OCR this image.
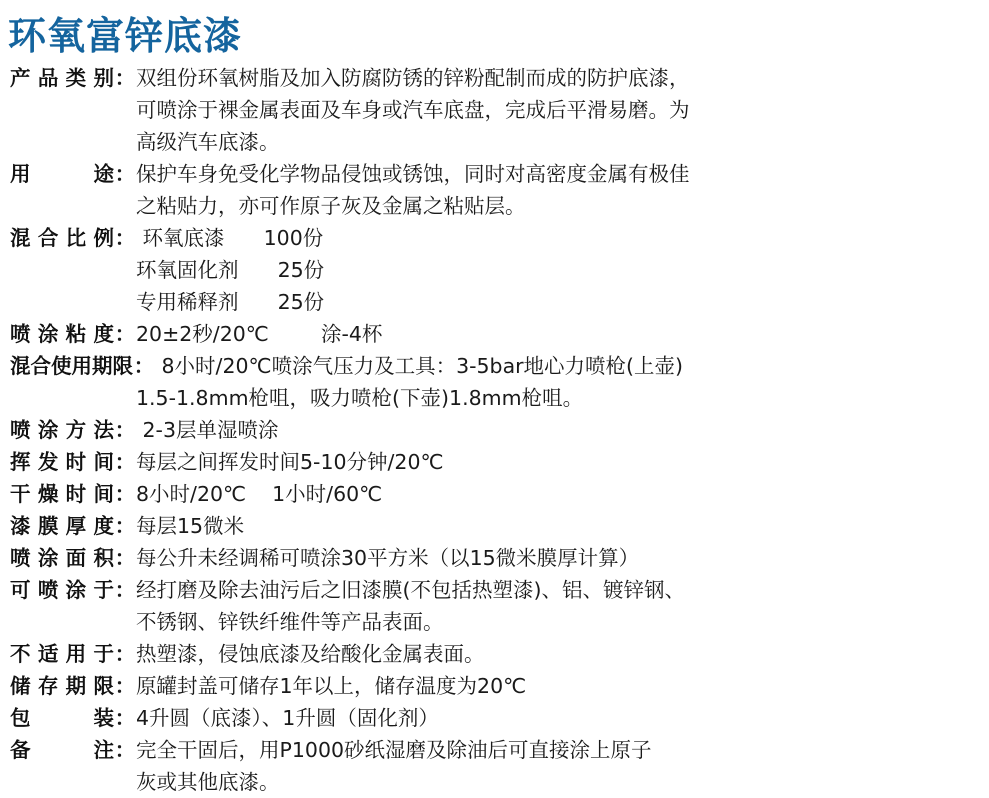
环氧富锌底漆
产品类别 ： 双组份环氧树脂及加入防腐防锈的锌粉配制而成的防护底漆，
可喷涂于裸金属表面及车身或汽车底盘，完成后平滑易磨。为
高级汽车底漆。
用途 ： 保护车身免受化学物品侵蚀或锈蚀，同时对高密度金属有极佳
之粘贴力，亦可作原子灰及金属之粘贴层。
混合比例 ： 环氧底漆      100份
环氧固化剂      25份
专用稀释剂      25份
喷涂粘度 ： 20±2秒/20℃        涂-4杯
混合使用期限 ： 8小时/20℃喷涂气压力及工具：3-5bar地心力喷枪(上壶)
1.5-1.8mm枪咀，吸力喷枪(下壶)1.8mm枪咀。
喷涂方法 ： 2-3层单湿喷涂
挥发时间 ： 每层之间挥发时间5-10分钟/20℃
干燥时间 ： 8小时/20℃    1小时/60℃
漆膜厚度 ： 每层15微米
喷涂面积 ： 每公升未经调稀可喷涂30平方米（以15微米膜厚计算）
可喷涂于 ： 经打磨及除去油污后之旧漆膜(不包括热塑漆)、铝、镀锌钢、
不锈钢、锌铁纤维件等产品表面。
不适用于 ： 热塑漆，侵蚀底漆及给酸化金属表面。
储存期限 ： 原罐封盖可储存1年以上，储存温度为20℃
包装 ： 4升圆（底漆）、1升圆（固化剂）
备注 ： 完全干固后，用P1000砂纸湿磨及除油后可直接涂上原子
灰或其他底漆。
